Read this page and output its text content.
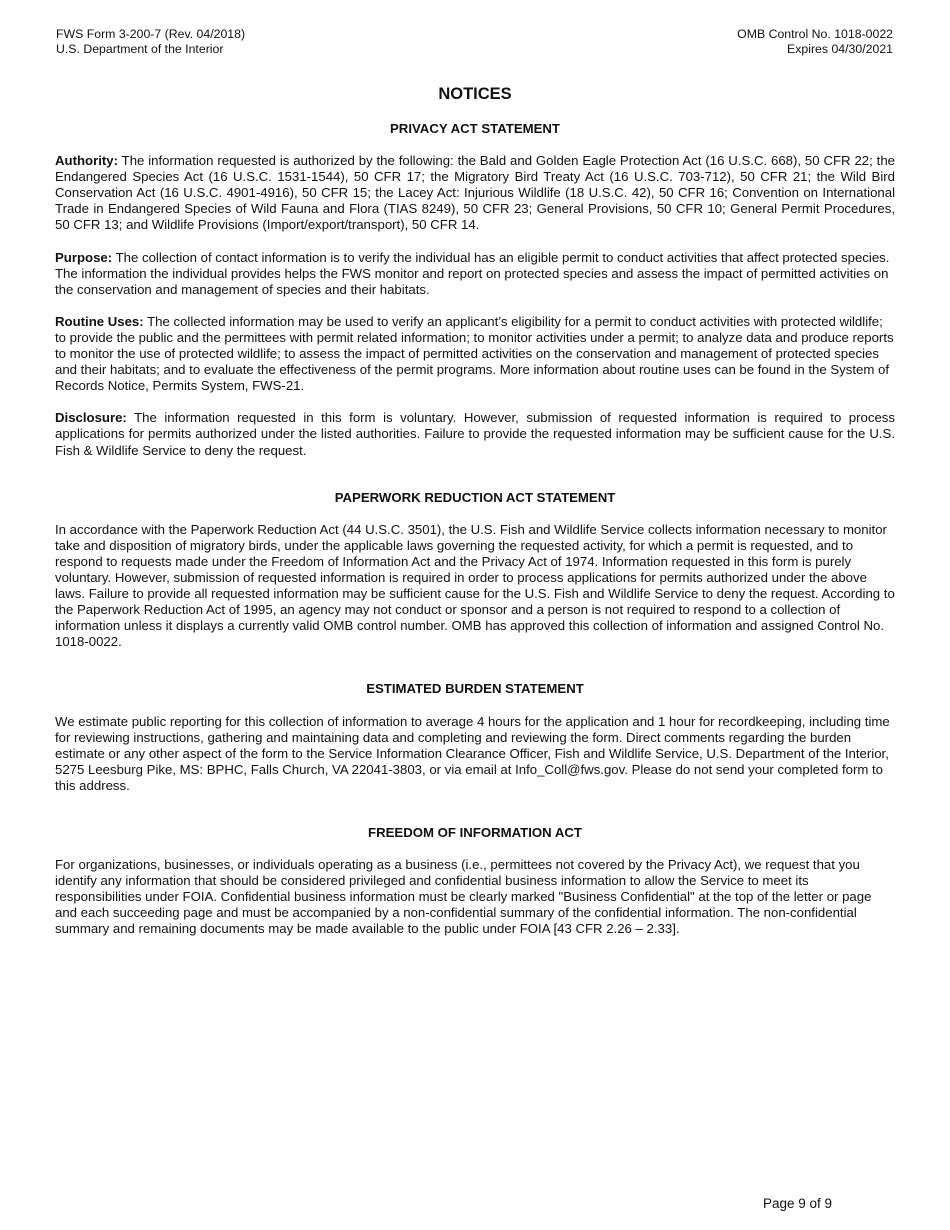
FWS Form 3-200-7 (Rev. 04/2018)
U.S. Department of the Interior
OMB Control No. 1018-0022
Expires 04/30/2021
NOTICES

PRIVACY ACT STATEMENT

Authority: The information requested is authorized by the following: the Bald and Golden Eagle Protection Act (16 U.S.C. 668), 50 CFR 22; the Endangered Species Act (16 U.S.C. 1531-1544), 50 CFR 17; the Migratory Bird Treaty Act (16 U.S.C. 703-712), 50 CFR 21; the Wild Bird Conservation Act (16 U.S.C. 4901-4916), 50 CFR 15; the Lacey Act: Injurious Wildlife (18 U.S.C. 42), 50 CFR 16; Convention on International Trade in Endangered Species of Wild Fauna and Flora (TIAS 8249), 50 CFR 23; General Provisions, 50 CFR 10; General Permit Procedures, 50 CFR 13; and Wildlife Provisions (Import/export/transport), 50 CFR 14.

Purpose: The collection of contact information is to verify the individual has an eligible permit to conduct activities that affect protected species. The information the individual provides helps the FWS monitor and report on protected species and assess the impact of permitted activities on the conservation and management of species and their habitats.

Routine Uses: The collected information may be used to verify an applicant’s eligibility for a permit to conduct activities with protected wildlife; to provide the public and the permittees with permit related information; to monitor activities under a permit; to analyze data and produce reports to monitor the use of protected wildlife; to assess the impact of permitted activities on the conservation and management of protected species and their habitats; and to evaluate the effectiveness of the permit programs. More information about routine uses can be found in the System of Records Notice, Permits System, FWS-21.

Disclosure: The information requested in this form is voluntary. However, submission of requested information is required to process applications for permits authorized under the listed authorities. Failure to provide the requested information may be sufficient cause for the U.S. Fish & Wildlife Service to deny the request.

PAPERWORK REDUCTION ACT STATEMENT

In accordance with the Paperwork Reduction Act (44 U.S.C. 3501), the U.S. Fish and Wildlife Service collects information necessary to monitor take and disposition of migratory birds, under the applicable laws governing the requested activity, for which a permit is requested, and to respond to requests made under the Freedom of Information Act and the Privacy Act of 1974. Information requested in this form is purely voluntary. However, submission of requested information is required in order to process applications for permits authorized under the above laws. Failure to provide all requested information may be sufficient cause for the U.S. Fish and Wildlife Service to deny the request. According to the Paperwork Reduction Act of 1995, an agency may not conduct or sponsor and a person is not required to respond to a collection of information unless it displays a currently valid OMB control number. OMB has approved this collection of information and assigned Control No. 1018-0022.

ESTIMATED BURDEN STATEMENT

We estimate public reporting for this collection of information to average 4 hours for the application and 1 hour for recordkeeping, including time for reviewing instructions, gathering and maintaining data and completing and reviewing the form. Direct comments regarding the burden estimate or any other aspect of the form to the Service Information Clearance Officer, Fish and Wildlife Service, U.S. Department of the Interior, 5275 Leesburg Pike, MS: BPHC, Falls Church, VA 22041-3803, or via email at Info_Coll@fws.gov. Please do not send your completed form to this address.

FREEDOM OF INFORMATION ACT

For organizations, businesses, or individuals operating as a business (i.e., permittees not covered by the Privacy Act), we request that you identify any information that should be considered privileged and confidential business information to allow the Service to meet its responsibilities under FOIA. Confidential business information must be clearly marked "Business Confidential" at the top of the letter or page and each succeeding page and must be accompanied by a non-confidential summary of the confidential information. The non-confidential summary and remaining documents may be made available to the public under FOIA [43 CFR 2.26 – 2.33].

Page 9 of 9
